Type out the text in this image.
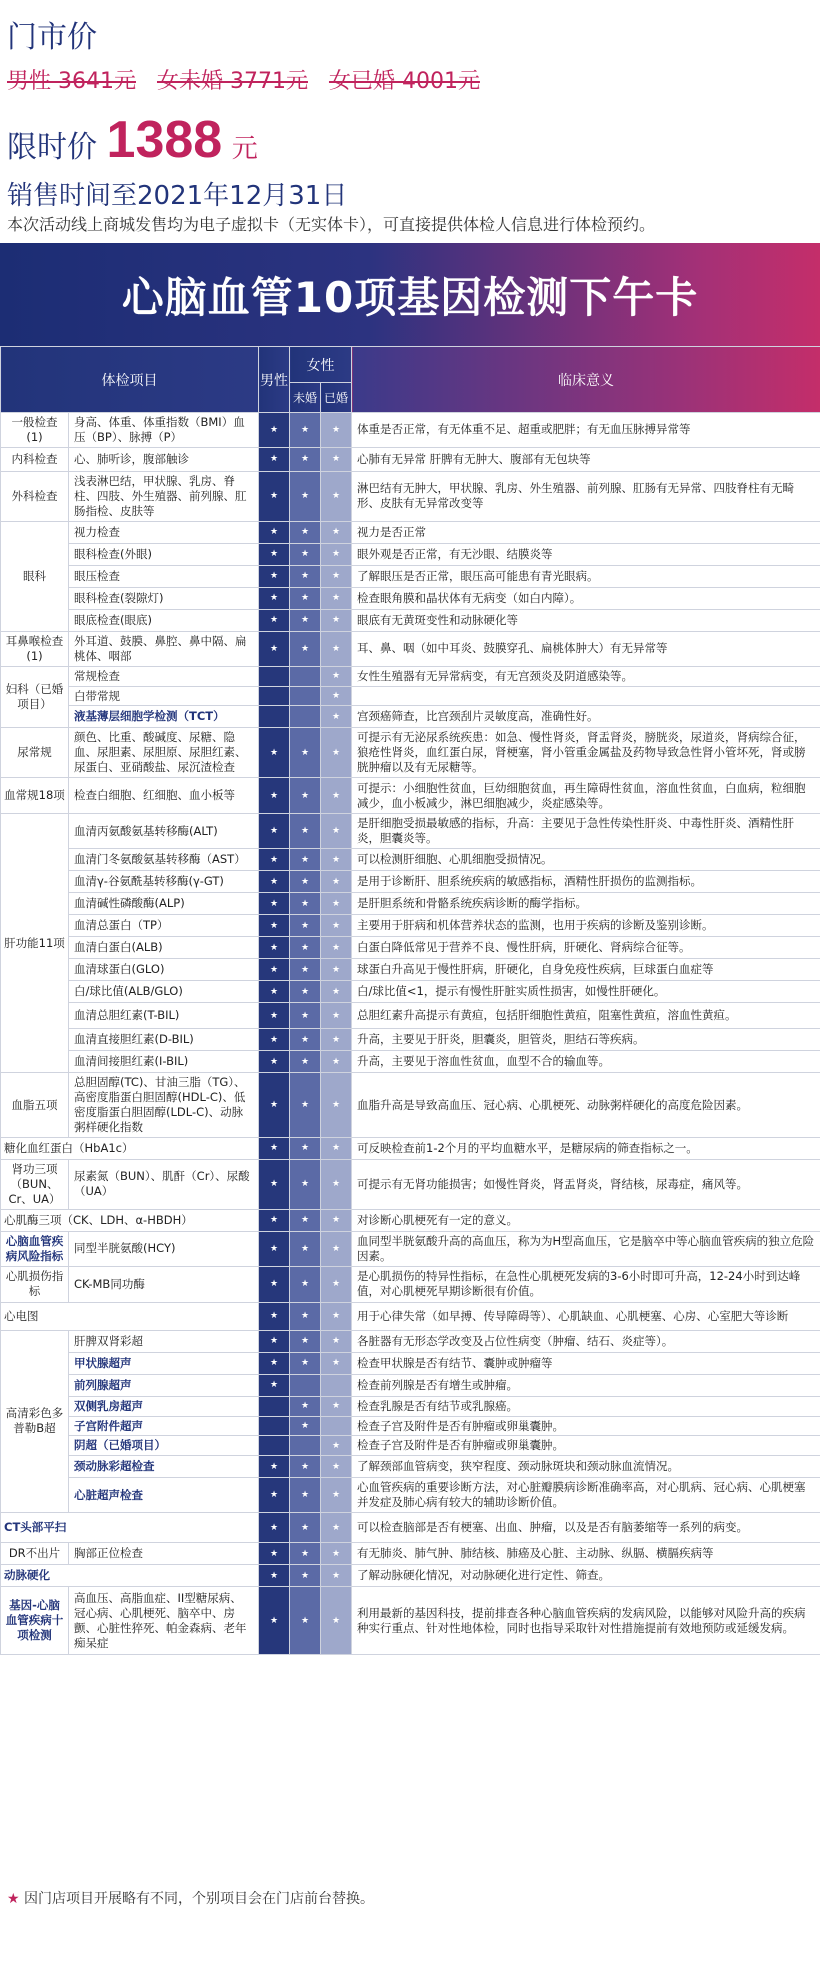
门市价
男性 3641元 女未婚 3771元 女已婚 4001元
限时价 1388 元
销售时间至2021年12月31日
本次活动线上商城发售均为电子虚拟卡（无实体卡），可直接提供体检人信息进行体检预约。
心脑血管10项基因检测下午卡
体检项目		男性	女性		临床意义
			未婚	已婚	
一般检查(1)	身高、体重、体重指数（BMI）血压（BP）、脉搏（P）	★	★	★	体重是否正常，有无体重不足、超重或肥胖；有无血压脉搏异常等
内科检查	心、肺听诊，腹部触诊	★	★	★	心肺有无异常 肝脾有无肿大、腹部有无包块等
外科检查	浅表淋巴结，甲状腺、乳房、脊柱、四肢、外生殖器、前列腺、肛肠指检、皮肤等	★	★	★	淋巴结有无肿大，甲状腺、乳房、外生殖器、前列腺、肛肠有无异常、四肢脊柱有无畸形、皮肤有无异常改变等
眼科	视力检查	★	★	★	视力是否正常
	眼科检查(外眼)	★	★	★	眼外观是否正常，有无沙眼、结膜炎等
	眼压检查	★	★	★	了解眼压是否正常，眼压高可能患有青光眼病。
	眼科检查(裂隙灯)	★	★	★	检查眼角膜和晶状体有无病变（如白内障）。
	眼底检查(眼底)	★	★	★	眼底有无黄斑变性和动脉硬化等
耳鼻喉检查(1)	外耳道、鼓膜、鼻腔、鼻中隔、扁桃体、咽部	★	★	★	耳、鼻、咽（如中耳炎、鼓膜穿孔、扁桃体肿大）有无异常等
妇科（已婚项目）	常规检查			★	女性生殖器有无异常病变，有无宫颈炎及阴道感染等。
	白带常规			★	
	液基薄层细胞学检测（TCT）			★	宫颈癌筛查，比宫颈刮片灵敏度高，准确性好。
尿常规	颜色、比重、酸碱度、尿糖、隐血、尿胆素、尿胆原、尿胆红素、尿蛋白、亚硝酸盐、尿沉渣检查	★	★	★	可提示有无泌尿系统疾患：如急、慢性肾炎，肾盂肾炎，膀胱炎，尿道炎，肾病综合征，狼疮性肾炎，血红蛋白尿，肾梗塞，肾小管重金属盐及药物导致急性肾小管坏死，肾或膀胱肿瘤以及有无尿糖等。
血常规18项	检查白细胞、红细胞、血小板等	★	★	★	可提示：小细胞性贫血，巨幼细胞贫血，再生障碍性贫血，溶血性贫血，白血病，粒细胞减少，血小板减少，淋巴细胞减少，炎症感染等。
肝功能11项	血清丙氨酸氨基转移酶(ALT)	★	★	★	是肝细胞受损最敏感的指标，升高：主要见于急性传染性肝炎、中毒性肝炎、酒精性肝炎，胆囊炎等。
	血清门冬氨酸氨基转移酶（AST）	★	★	★	可以检测肝细胞、心肌细胞受损情况。
	血清γ-谷氨酰基转移酶(γ-GT)	★	★	★	是用于诊断肝、胆系统疾病的敏感指标，酒精性肝损伤的监测指标。
	血清碱性磷酸酶(ALP)	★	★	★	是肝胆系统和骨骼系统疾病诊断的酶学指标。
	血清总蛋白（TP）	★	★	★	主要用于肝病和机体营养状态的监测，也用于疾病的诊断及鉴别诊断。
	血清白蛋白(ALB)	★	★	★	白蛋白降低常见于营养不良、慢性肝病，肝硬化、肾病综合征等。
	血清球蛋白(GLO)	★	★	★	球蛋白升高见于慢性肝病，肝硬化，自身免疫性疾病，巨球蛋白血症等
	白/球比值(ALB/GLO)	★	★	★	白/球比值<1，提示有慢性肝脏实质性损害，如慢性肝硬化。
	血清总胆红素(T-BIL)	★	★	★	总胆红素升高提示有黄疸，包括肝细胞性黄疸，阻塞性黄疸，溶血性黄疸。
	血清直接胆红素(D-BIL)	★	★	★	升高，主要见于肝炎，胆囊炎，胆管炎，胆结石等疾病。
	血清间接胆红素(I-BIL)	★	★	★	升高，主要见于溶血性贫血，血型不合的输血等。
血脂五项	总胆固醇(TC)、甘油三脂（TG）、高密度脂蛋白胆固醇(HDL-C)、低密度脂蛋白胆固醇(LDL-C)、动脉粥样硬化指数	★	★	★	血脂升高是导致高血压、冠心病、心肌梗死、动脉粥样硬化的高度危险因素。
糖化血红蛋白（HbA1c）		★	★	★	可反映检查前1-2个月的平均血糖水平，是糖尿病的筛查指标之一。
肾功三项（BUN、Cr、UA）	尿素氮（BUN）、肌酐（Cr）、尿酸（UA）	★	★	★	可提示有无肾功能损害；如慢性肾炎，肾盂肾炎，肾结核，尿毒症，痛风等。
心肌酶三项（CK、LDH、α-HBDH）		★	★	★	对诊断心肌梗死有一定的意义。
心脑血管疾病风险指标	同型半胱氨酸(HCY)	★	★	★	血同型半胱氨酸升高的高血压，称为为H型高血压，它是脑卒中等心脑血管疾病的独立危险因素。
心肌损伤指标	CK-MB同功酶	★	★	★	是心肌损伤的特异性指标，在急性心肌梗死发病的3-6小时即可升高，12-24小时到达峰值，对心肌梗死早期诊断很有价值。
心电图		★	★	★	用于心律失常（如早搏、传导障碍等）、心肌缺血、心肌梗塞、心房、心室肥大等诊断
高清彩色多普勒B超	肝脾双肾彩超	★	★	★	各脏器有无形态学改变及占位性病变（肿瘤、结石、炎症等）。
	甲状腺超声	★	★	★	检查甲状腺是否有结节、囊肿或肿瘤等
	前列腺超声	★			检查前列腺是否有增生或肿瘤。
	双侧乳房超声		★	★	检查乳腺是否有结节或乳腺癌。
	子宫附件超声		★		检查子宫及附件是否有肿瘤或卵巢囊肿。
	阴超（已婚项目）			★	检查子宫及附件是否有肿瘤或卵巢囊肿。
	颈动脉彩超检查	★	★	★	了解颈部血管病变，狭窄程度、颈动脉斑块和颈动脉血流情况。
	心脏超声检查	★	★	★	心血管疾病的重要诊断方法，对心脏瓣膜病诊断准确率高，对心肌病、冠心病、心肌梗塞并发症及肺心病有较大的辅助诊断价值。
CT头部平扫		★	★	★	可以检查脑部是否有梗塞、出血、肿瘤，以及是否有脑萎缩等一系列的病变。
DR不出片	胸部正位检查	★	★	★	有无肺炎、肺气肿、肺结核、肺癌及心脏、主动脉、纵膈、横膈疾病等
动脉硬化		★	★	★	了解动脉硬化情况，对动脉硬化进行定性、筛查。
基因-心脑血管疾病十项检测	高血压、高脂血症、II型糖尿病、冠心病、心肌梗死、脑卒中、房颤、心脏性猝死、帕金森病、老年痴呆症	★	★	★	利用最新的基因科技，提前排查各种心脑血管疾病的发病风险，以能够对风险升高的疾病种实行重点、针对性地体检，同时也指导采取针对性措施提前有效地预防或延缓发病。
★ 因门店项目开展略有不同，个别项目会在门店前台替换。
